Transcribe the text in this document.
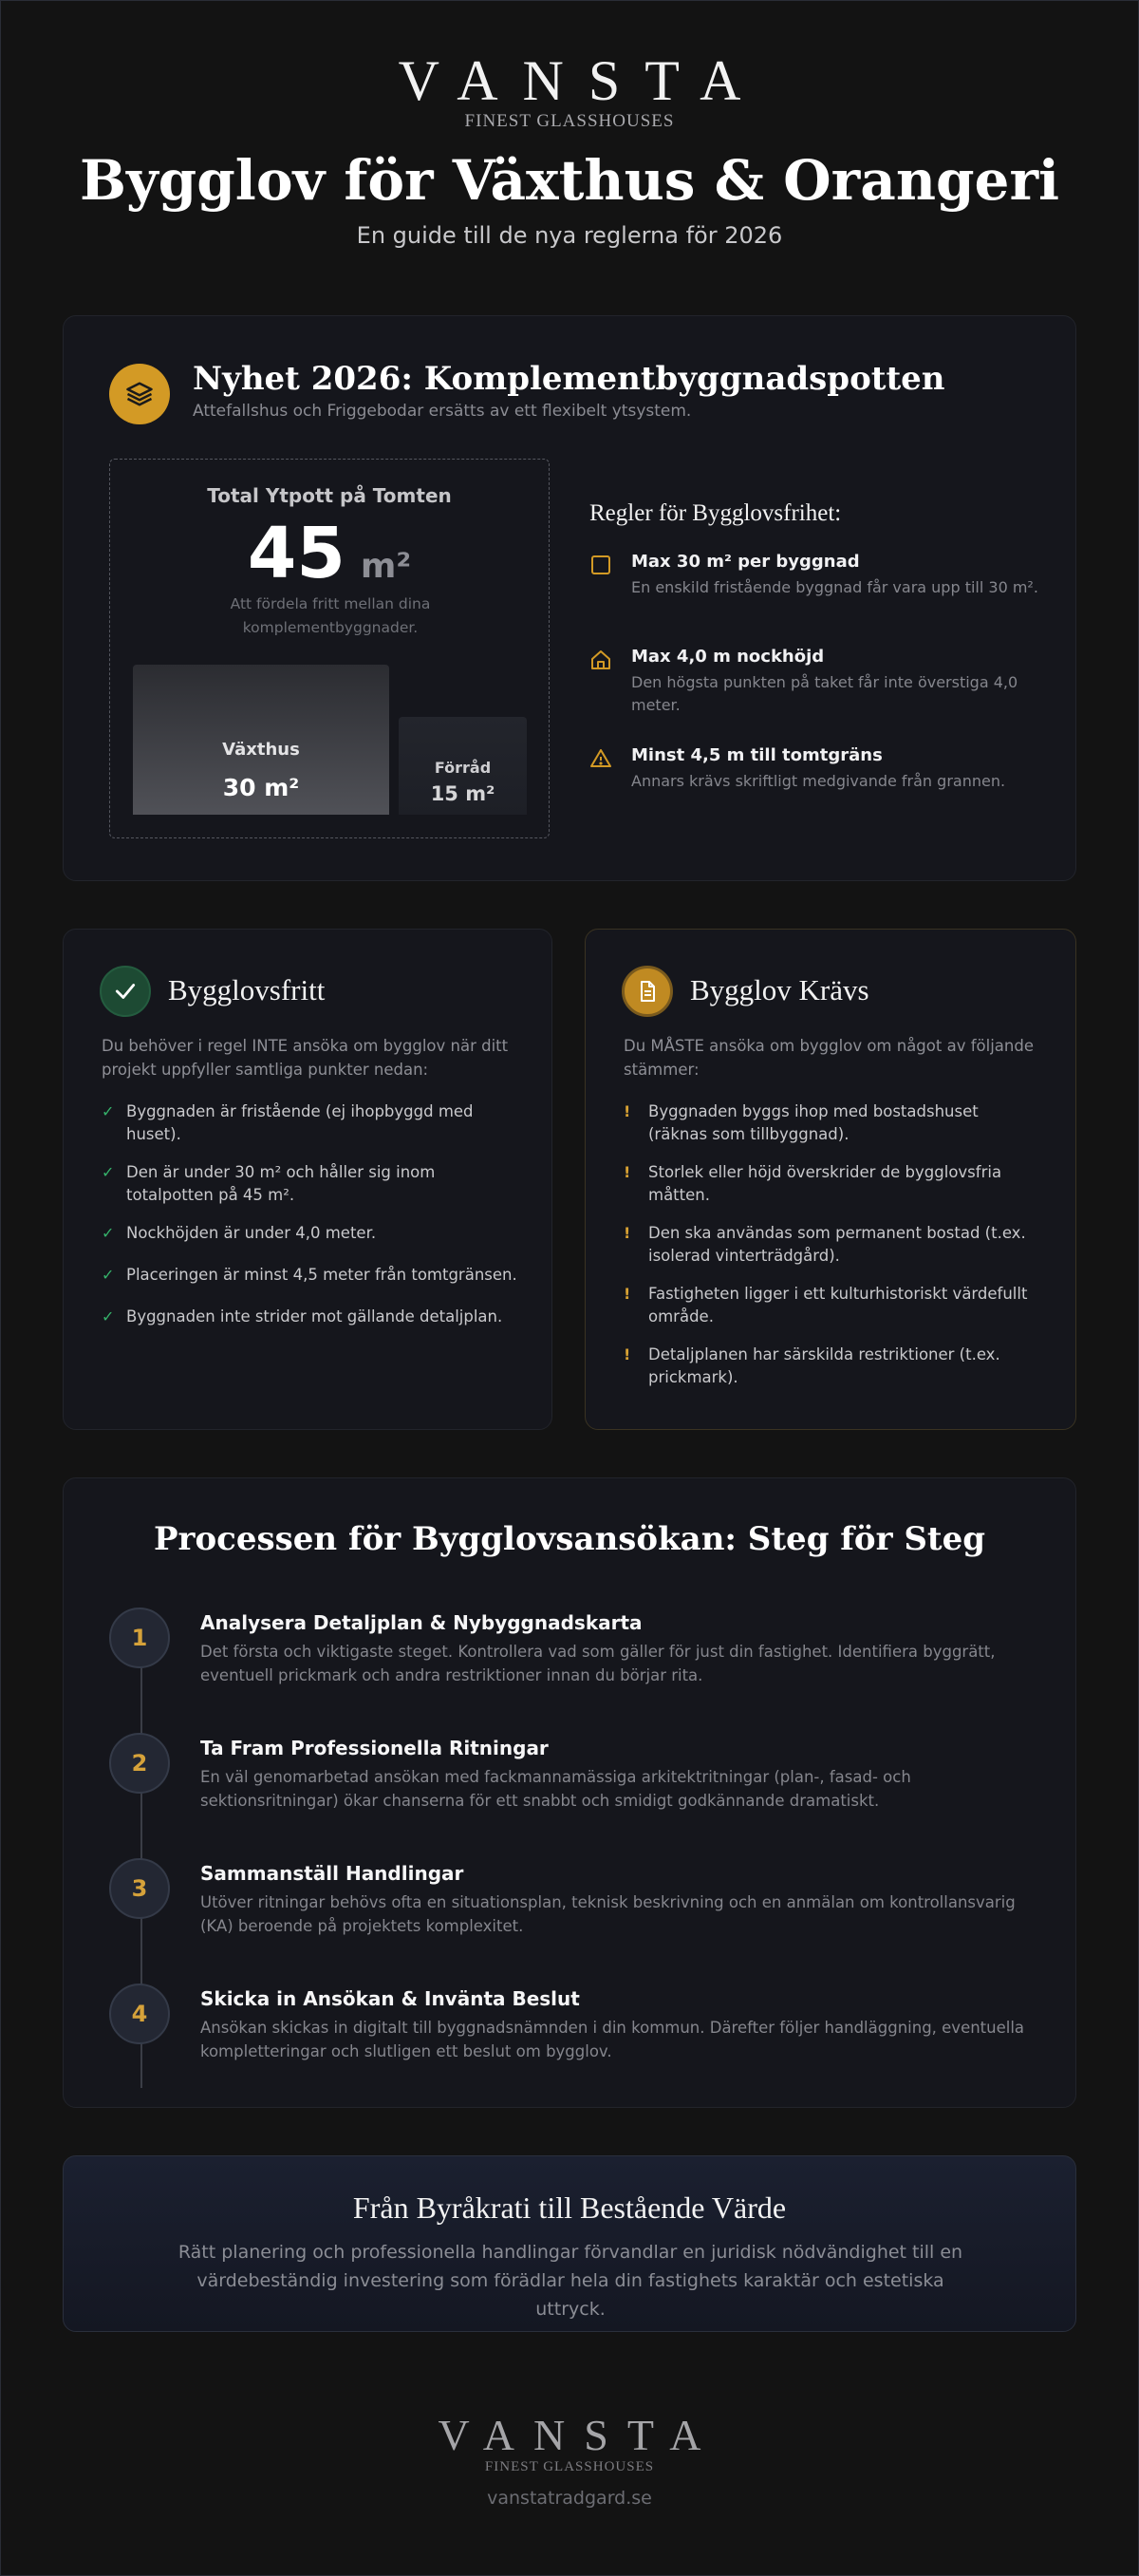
VANSTA
FINEST GLASSHOUSES
Bygglov för Växthus & Orangeri
En guide till de nya reglerna för 2026
Nyhet 2026: Komplementbyggnadspotten
Attefallshus och Friggebodar ersätts av ett flexibelt ytsystem.
Total Ytpott på Tomten
45 m²
Att fördela fritt mellan dina komplementbyggnader.
Växthus
30 m²
Förråd
15 m²
Regler för Bygglovsfrihet:
Max 30 m² per byggnad
En enskild fristående byggnad får vara upp till 30 m².
Max 4,0 m nockhöjd
Den högsta punkten på taket får inte överstiga 4,0 meter.
Minst 4,5 m till tomtgräns
Annars krävs skriftligt medgivande från grannen.
Bygglovsfritt
Du behöver i regel INTE ansöka om bygglov när ditt projekt uppfyller samtliga punkter nedan:
✓ Byggnaden är fristående (ej ihopbyggd med huset).
✓ Den är under 30 m² och håller sig inom totalpotten på 45 m².
✓ Nockhöjden är under 4,0 meter.
✓ Placeringen är minst 4,5 meter från tomtgränsen.
✓ Byggnaden inte strider mot gällande detaljplan.
Bygglov Krävs
Du MÅSTE ansöka om bygglov om något av följande stämmer:
! Byggnaden byggs ihop med bostadshuset (räknas som tillbyggnad).
! Storlek eller höjd överskrider de bygglovsfria måtten.
! Den ska användas som permanent bostad (t.ex. isolerad vinterträdgård).
! Fastigheten ligger i ett kulturhistoriskt värdefullt område.
! Detaljplanen har särskilda restriktioner (t.ex. prickmark).
Processen för Bygglovsansökan: Steg för Steg
1
Analysera Detaljplan & Nybyggnadskarta
Det första och viktigaste steget. Kontrollera vad som gäller för just din fastighet. Identifiera byggrätt, eventuell prickmark och andra restriktioner innan du börjar rita.
2
Ta Fram Professionella Ritningar
En väl genomarbetad ansökan med fackmannamässiga arkitektritningar (plan-, fasad- och sektionsritningar) ökar chanserna för ett snabbt och smidigt godkännande dramatiskt.
3
Sammanställ Handlingar
Utöver ritningar behövs ofta en situationsplan, teknisk beskrivning och en anmälan om kontrollansvarig (KA) beroende på projektets komplexitet.
4
Skicka in Ansökan & Invänta Beslut
Ansökan skickas in digitalt till byggnadsnämnden i din kommun. Därefter följer handläggning, eventuella kompletteringar och slutligen ett beslut om bygglov.
Från Byråkrati till Bestående Värde
Rätt planering och professionella handlingar förvandlar en juridisk nödvändighet till en värdebeständig investering som förädlar hela din fastighets karaktär och estetiska uttryck.
VANSTA
FINEST GLASSHOUSES
vanstatradgard.se
